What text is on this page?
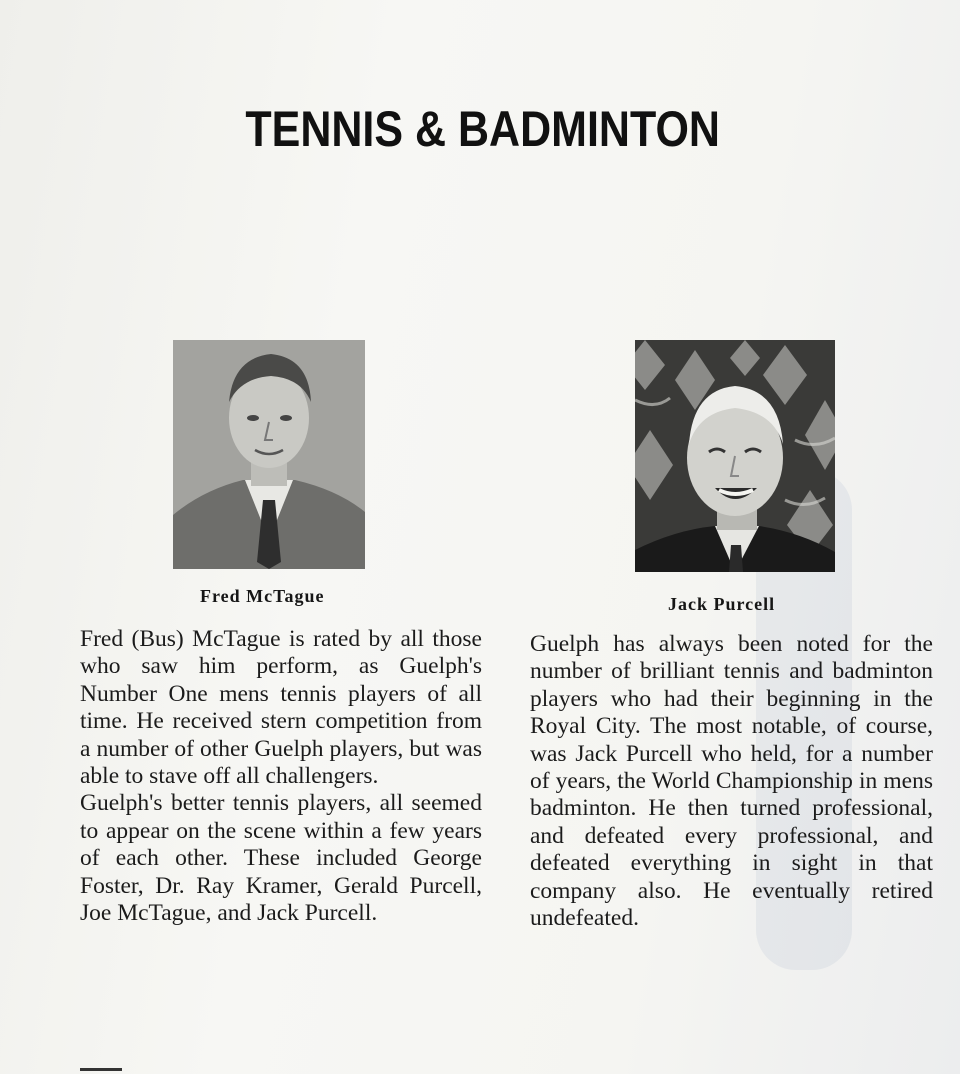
TENNIS & BADMINTON
Fred McTague	Jack Purcell

Fred (Bus) McTague is rated by all those who saw him perform, as Guelph's Number One mens tennis players of all time. He received stern competition from a number of other Guelph players, but was able to stave off all challengers.

Guelph's better tennis players, all seemed to appear on the scene within a few years of each other. These included George Foster, Dr. Ray Kramer, Gerald Purcell, Joe McTague, and Jack Purcell.

Guelph has always been noted for the number of brilliant tennis and badminton players who had their beginning in the Royal City. The most notable, of course, was Jack Purcell who held, for a number of years, the World Championship in mens badminton. He then turned professional, and defeated every professional, and defeated everything in sight in that company also. He eventually retired undefeated.
